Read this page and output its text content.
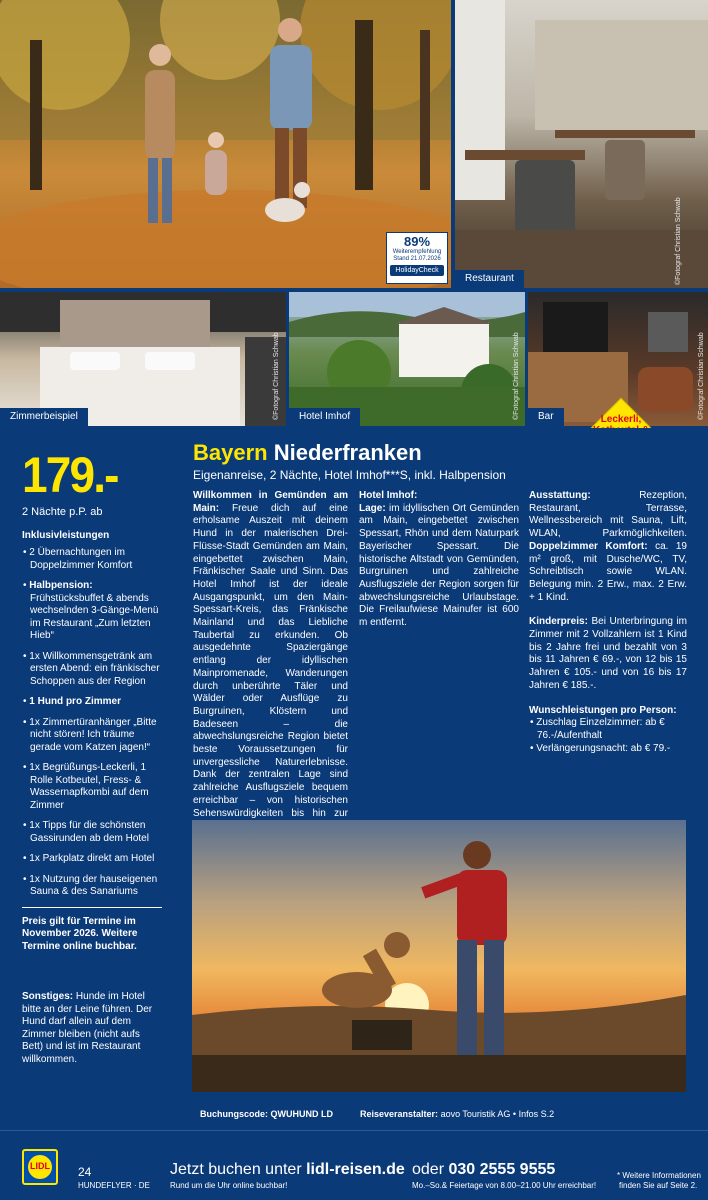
89%
Weiterempfehlung
Stand 21.07.2026
HolidayCheck
Restaurant	©Fotograf Christian Schwab
Zimmerbeispiel	©Fotograf Christian Schwab	Hotel Imhof	©Fotograf Christian Schwab	Bar	©Fotograf Christian Schwab
Leckerli,
179.-
2 Nächte p.P. ab
Inklusivleistungen
• 2 Übernachtungen im Doppelzimmer Komfort
• Halbpension: Frühstücksbuffet & abends wechselnden 3-Gänge-Menü im Restaurant „Zum letzten Hieb“
• 1x Willkommensgetränk am ersten Abend: ein fränkischer Schoppen aus der Region
• 1 Hund pro Zimmer
• 1x Zimmertüranhänger „Bitte nicht stören! Ich träume gerade vom Katzen jagen!“
• 1x Begrüßungs-Leckerli, 1 Rolle Kotbeutel, Fress- & Wassernapfkombi auf dem Zimmer
• 1x Tipps für die schönsten Gassirunden ab dem Hotel
• 1x Parkplatz direkt am Hotel
• 1x Nutzung der hauseigenen Sauna & des Sanariums
Preis gilt für Termine im November 2026. Weitere Termine online buchbar.
Sonstiges: Hunde im Hotel bitte an der Leine führen. Der Hund darf allein auf dem Zimmer bleiben (nicht aufs Bett) und ist im Restaurant willkommen.
Bayern Niederfranken
Eigenanreise, 2 Nächte, Hotel Imhof***S, inkl. Halbpension

Willkommen in Gemünden am Main: Freue dich auf eine erholsame Auszeit mit deinem Hund in der malerischen Drei-Flüsse-Stadt Gemünden am Main, eingebettet zwischen Main, Fränkischer Saale und Sinn. Das Hotel Imhof ist der ideale Ausgangspunkt, um den Main-Spessart-Kreis, das Fränkische Mainland und das Liebliche Taubertal zu erkunden. Ob ausgedehnte Spaziergänge entlang der idyllischen Mainpromenade, Wanderungen durch unberührte Täler und Wälder oder Ausflüge zu Burgruinen, Klöstern und Badeseen – die abwechslungsreiche Region bietet beste Voraussetzungen für unvergessliche Naturerlebnisse. Dank der zentralen Lage sind zahlreiche Ausflugsziele bequem erreichbar – von historischen Sehenswürdigkeiten bis hin zur

Hotel Imhof:

Lage: im idyllischen Ort Gemünden am Main, eingebettet zwischen Spessart, Rhön und dem Naturpark Bayerischer Spessart. Die historische Altstadt von Gemünden, Burgruinen und zahlreiche Ausflugsziele der Region sorgen für abwechslungsreiche Urlaubstage. Die Freilaufwiese Mainufer ist 600 m entfernt.

Ausstattung:	Rezeption, Restaurant, Terrasse, Wellnessbereich mit Sauna, Lift, WLAN, Parkmöglichkeiten. Doppelzimmer Komfort: ca. 19 m² groß, mit Dusche/WC, TV, Schreibtisch sowie WLAN. Belegung min. 2 Erw., max. 2 Erw. + 1 Kind.

Kinderpreis: Bei Unterbringung im Zimmer mit 2 Vollzahlern ist 1 Kind bis 2 Jahre frei und bezahlt von 3 bis 11 Jahren € 69.-, von 12 bis 15 Jahren € 105.- und von 16 bis 17 Jahren € 185.-.

Wunschleistungen pro Person:

• Zuschlag Einzelzimmer: ab € 76.-/Aufenthalt
• Verlängerungsnacht: ab € 79.-
Buchungscode: QWUHUND LD	Reiseveranstalter: aovo Touristik AG • Infos S.2
LIDL	24
HUNDEFLYER · DE
Jetzt buchen unter lidl-reisen.de
Rund um die Uhr online buchbar!
oder 030 2555 9555
Mo.–So.& Feiertage von 8.00–21.00 Uhr erreichbar!
* Weitere Informationen
finden Sie auf Seite 2.
